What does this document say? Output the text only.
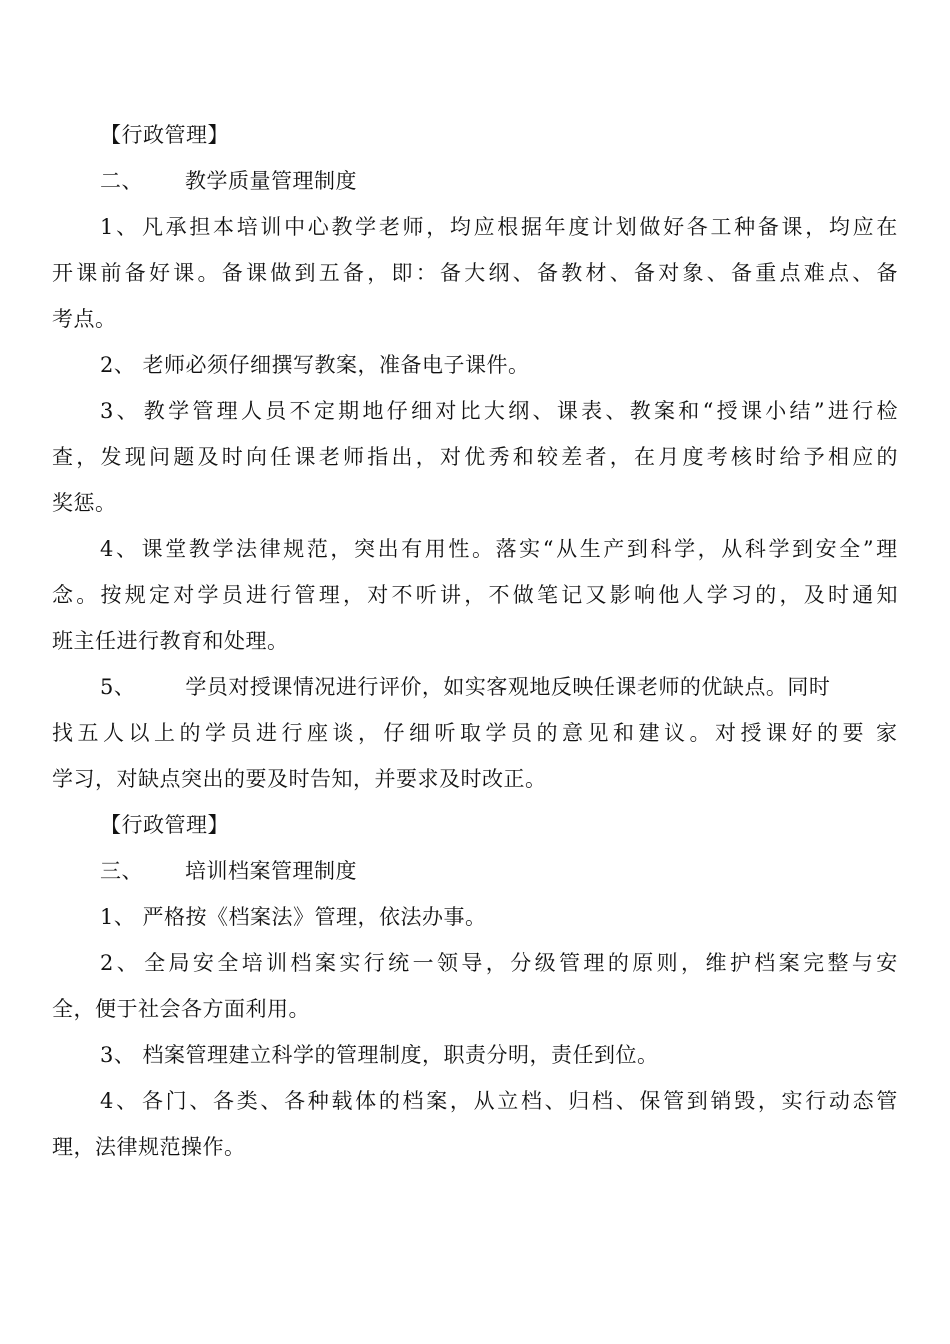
【行政管理】
二、 教学质量管理制度
1 、 凡 承 担 本 培 训 中 心 教 学 老 师 ， 均 应 根 据 年 度 计 划 做 好 各 工 种 备 课 ， 均 应 在
开 课 前 备 好 课 。 备 课 做 到 五 备 ， 即 ： 备 大 纲 、 备 教 材 、 备 对 象 、 备 重 点 难 点 、 备
考点。
2、 老师必须仔细撰写教案，准备电子课件。
3 、 教 学 管 理 人 员 不 定 期 地 仔 细 对 比 大 纲 、 课 表 、 教 案 和 “ 授 课 小 结 ” 进 行 检
查 ， 发 现 问 题 及 时 向 任 课 老 师 指 出 ， 对 优 秀 和 较 差 者 ， 在 月 度 考 核 时 给 予 相 应 的
奖惩。
4 、 课 堂 教 学 法 律 规 范 ， 突 出 有 用 性 。 落 实 “ 从 生 产 到 科 学 ， 从 科 学 到 安 全 ” 理
念 。 按 规 定 对 学 员 进 行 管 理 ， 对 不 听 讲 ， 不 做 笔 记 又 影 响 他 人 学 习 的 ， 及 时 通 知
班主任进行教育和处理。
5、 学员对授课情况进行评价，如实客观地反映任课老师的优缺点。同时
找 五 人 以 上 的 学 员 进 行 座 谈 ， 仔 细 听 取 学 员 的 意 见 和 建 议 。 对 授 课 好 的 要 家
学习，对缺点突出的要及时告知，并要求及时改正。
【行政管理】
三、 培训档案管理制度
1、 严格按《档案法》管理，依法办事。
2 、 全 局 安 全 培 训 档 案 实 行 统 一 领 导 ， 分 级 管 理 的 原 则 ， 维 护 档 案 完 整 与 安
全，便于社会各方面利用。
3、 档案管理建立科学的管理制度，职责分明，责任到位。
4 、 各 门 、 各 类 、 各 种 载 体 的 档 案 ， 从 立 档 、 归 档 、 保 管 到 销 毁 ， 实 行 动 态 管
理，法律规范操作。
